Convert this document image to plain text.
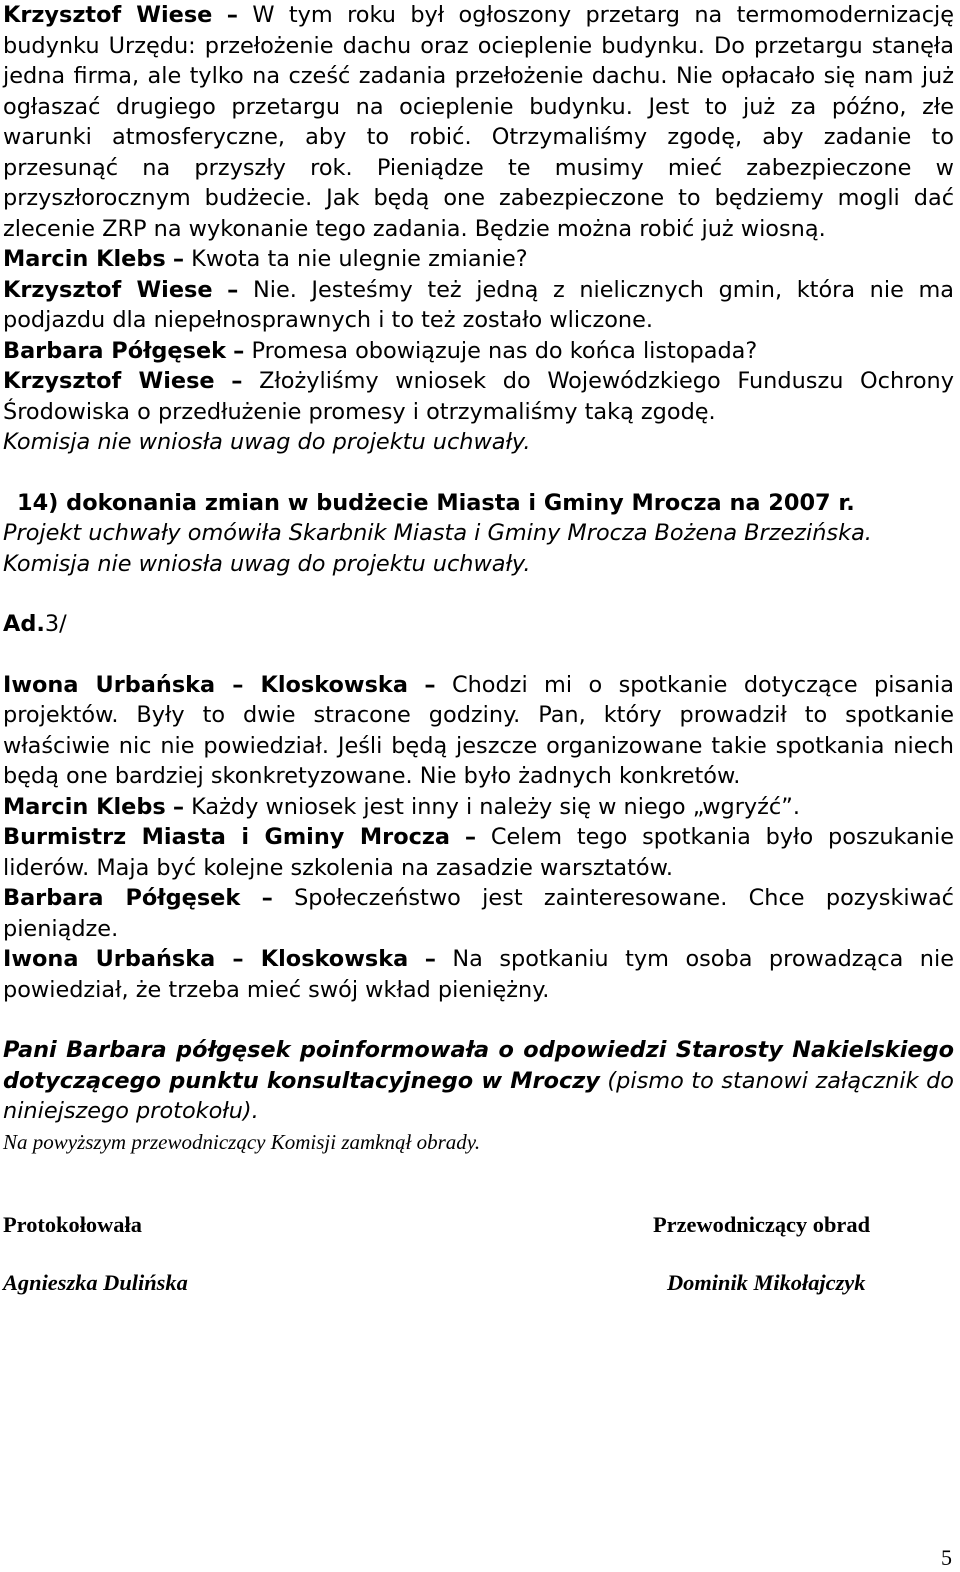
Krzysztof Wiese – W tym roku był ogłoszony przetarg na termomodernizację budynku Urzędu: przełożenie dachu oraz ocieplenie budynku. Do przetargu stanęła jedna firma, ale tylko na cześć zadania przełożenie dachu. Nie opłacało się nam już ogłaszać drugiego przetargu na ocieplenie budynku. Jest to już za późno, złe warunki atmosferyczne, aby to robić. Otrzymaliśmy zgodę, aby zadanie to przesunąć na przyszły rok. Pieniądze te musimy mieć zabezpieczone w przyszłorocznym budżecie. Jak będą one zabezpieczone to będziemy mogli dać zlecenie ZRP na wykonanie tego zadania. Będzie można robić już wiosną.

Marcin Klebs – Kwota ta nie ulegnie zmianie?

Krzysztof Wiese – Nie. Jesteśmy też jedną z nielicznych gmin, która nie ma podjazdu dla niepełnosprawnych i to też zostało wliczone.

Barbara Półgęsek – Promesa obowiązuje nas do końca listopada?

Krzysztof Wiese – Złożyliśmy wniosek do Wojewódzkiego Funduszu Ochrony Środowiska o przedłużenie promesy i otrzymaliśmy taką zgodę.

Komisja nie wniosła uwag do projektu uchwały.

14) dokonania zmian w budżecie Miasta i Gminy Mrocza na 2007 r.

Projekt uchwały omówiła Skarbnik Miasta i Gminy Mrocza Bożena Brzezińska.

Komisja nie wniosła uwag do projektu uchwały.

Ad.3/

Iwona Urbańska – Kloskowska – Chodzi mi o spotkanie dotyczące pisania projektów. Były to dwie stracone godziny. Pan, który prowadził to spotkanie właściwie nic nie powiedział. Jeśli będą jeszcze organizowane takie spotkania niech będą one bardziej skonkretyzowane. Nie było żadnych konkretów.

Marcin Klebs – Każdy wniosek jest inny i należy się w niego „wgryźć”.

Burmistrz Miasta i Gminy Mrocza – Celem tego spotkania było poszukanie liderów. Maja być kolejne szkolenia na zasadzie warsztatów.

Barbara Półgęsek – Społeczeństwo jest zainteresowane. Chce pozyskiwać pieniądze.

Iwona Urbańska – Kloskowska – Na spotkaniu tym osoba prowadząca nie powiedział, że trzeba mieć swój wkład pieniężny.

Pani Barbara półgęsek poinformowała o odpowiedzi Starosty Nakielskiego dotyczącego punktu konsultacyjnego w Mroczy (pismo to stanowi załącznik do niniejszego protokołu).

Na powyższym przewodniczący Komisji zamknął obrady.

Protokołowała	Przewodniczący obrad
Agnieszka Dulińska	Dominik Mikołajczyk
5
